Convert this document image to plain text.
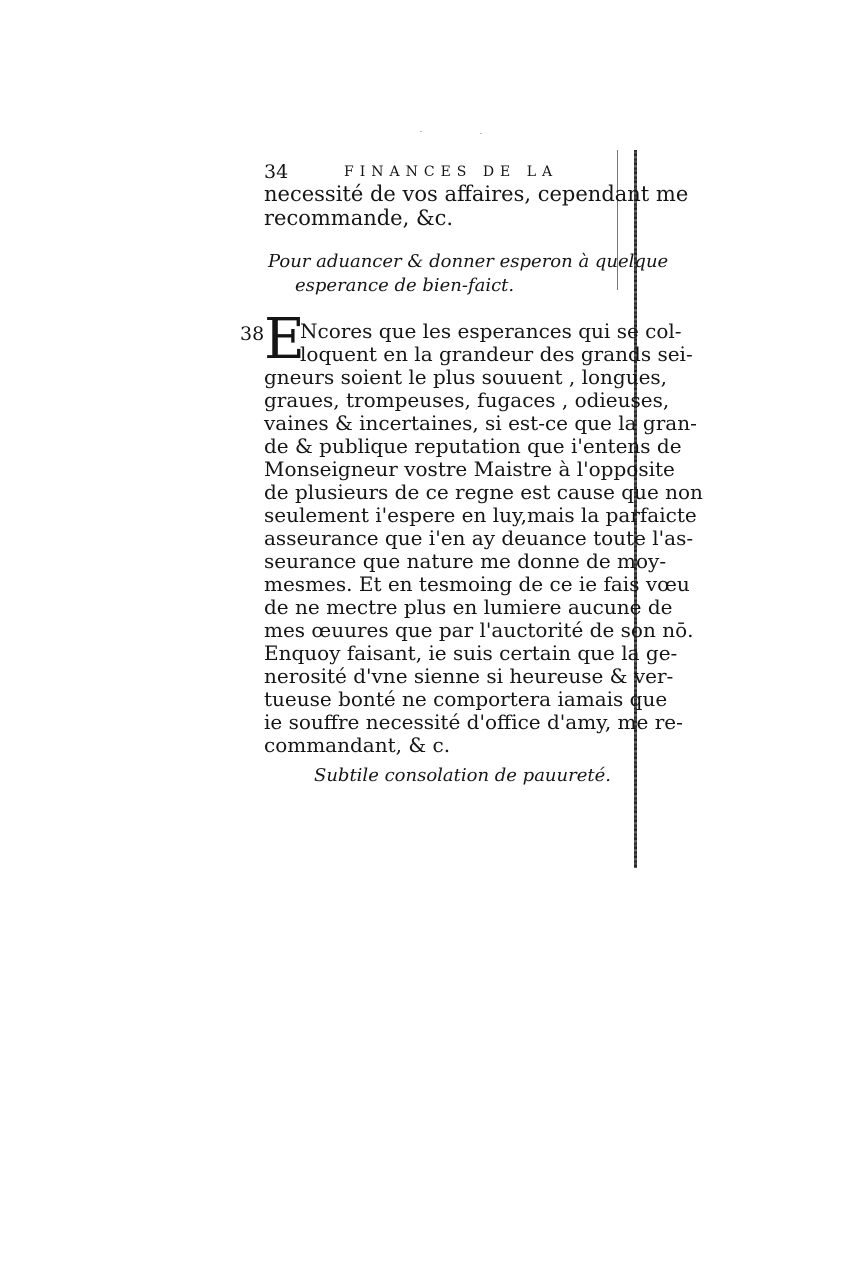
34	FINANCES DE LA
necessité de vos affaires, cependant me
recommande, &c.
Pour aduancer & donner esperon à quelque
esperance de bien-faict.
38 E
Ncores que les esperances qui se col-
loquent en la grandeur des grands sei-
gneurs soient le plus souuent , longues,
graues, trompeuses, fugaces , odieuses,
vaines & incertaines, si est-ce que la gran-
de & publique reputation que i'entens de
Monseigneur vostre Maistre à l'opposite
de plusieurs de ce regne est cause que non
seulement i'espere en luy,mais la parfaicte
asseurance que i'en ay deuance toute l'as-
seurance que nature me donne de moy-
mesmes. Et en tesmoing de ce ie fais vœu
de ne mectre plus en lumiere aucune de
mes œuures que par l'auctorité de son nō.
Enquoy faisant, ie suis certain que la ge-
nerosité d'vne sienne si heureuse & ver-
tueuse bonté ne comportera iamais que
ie souffre necessité d'office d'amy, me re-
commandant, & c.
Subtile consolation de pauureté.
